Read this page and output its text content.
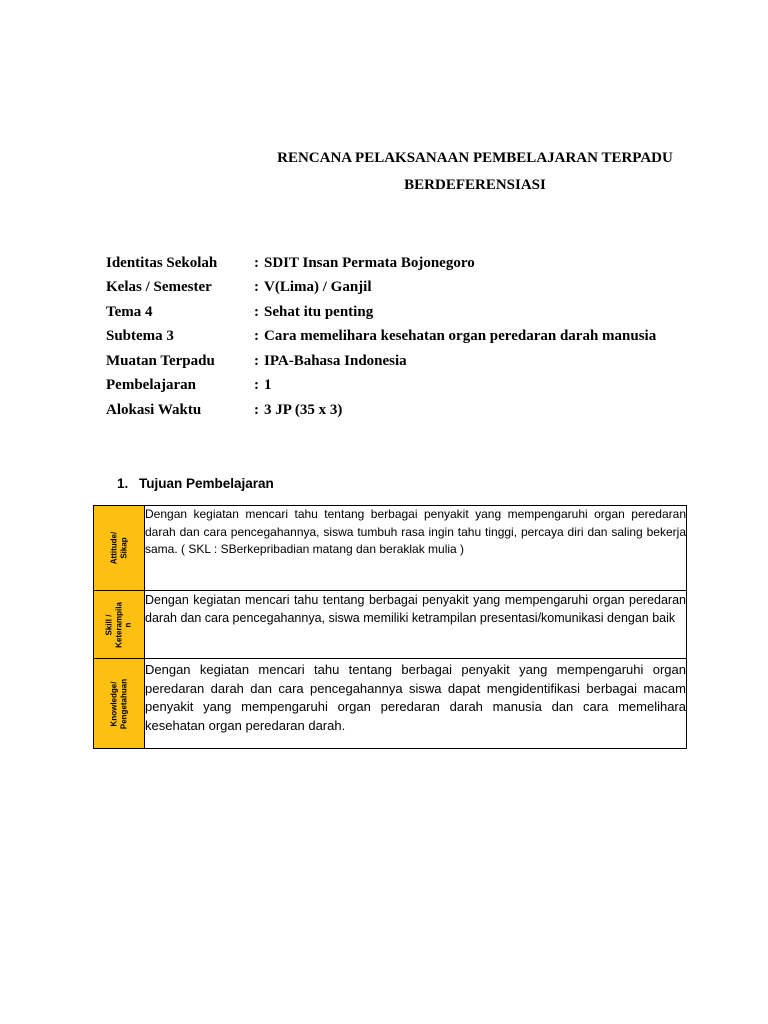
RENCANA PELAKSANAAN PEMBELAJARAN TERPADU
BERDEFERENSIASI
Identitas Sekolah	: SDIT Insan Permata Bojonegoro
Kelas / Semester	: V(Lima) / Ganjil
Tema 4	: Sehat itu penting
Subtema 3	: Cara memelihara kesehatan organ peredaran darah manusia
Muatan Terpadu	: IPA-Bahasa Indonesia
Pembelajaran	: 1
Alokasi Waktu	: 3 JP (35 x 3)
1. Tujuan Pembelajaran
Attitude/ Sikap	Dengan kegiatan mencari tahu tentang berbagai penyakit yang mempengaruhi organ peredaran darah dan cara pencegahannya, siswa tumbuh rasa ingin tahu tinggi, percaya diri dan saling bekerja sama. ( SKL : SBerkepribadian matang dan beraklak mulia )

Skill / Keterampila n	Dengan kegiatan mencari tahu tentang berbagai penyakit yang mempengaruhi organ peredaran darah dan cara pencegahannya, siswa memiliki ketrampilan presentasi/komunikasi dengan baik

Knowledge/ Pengetahuan	Dengan kegiatan mencari tahu tentang berbagai penyakit yang mempengaruhi organ peredaran darah dan cara pencegahannya siswa dapat mengidentifikasi berbagai macam penyakit yang mempengaruhi organ peredaran darah manusia dan cara memelihara kesehatan organ peredaran darah.
